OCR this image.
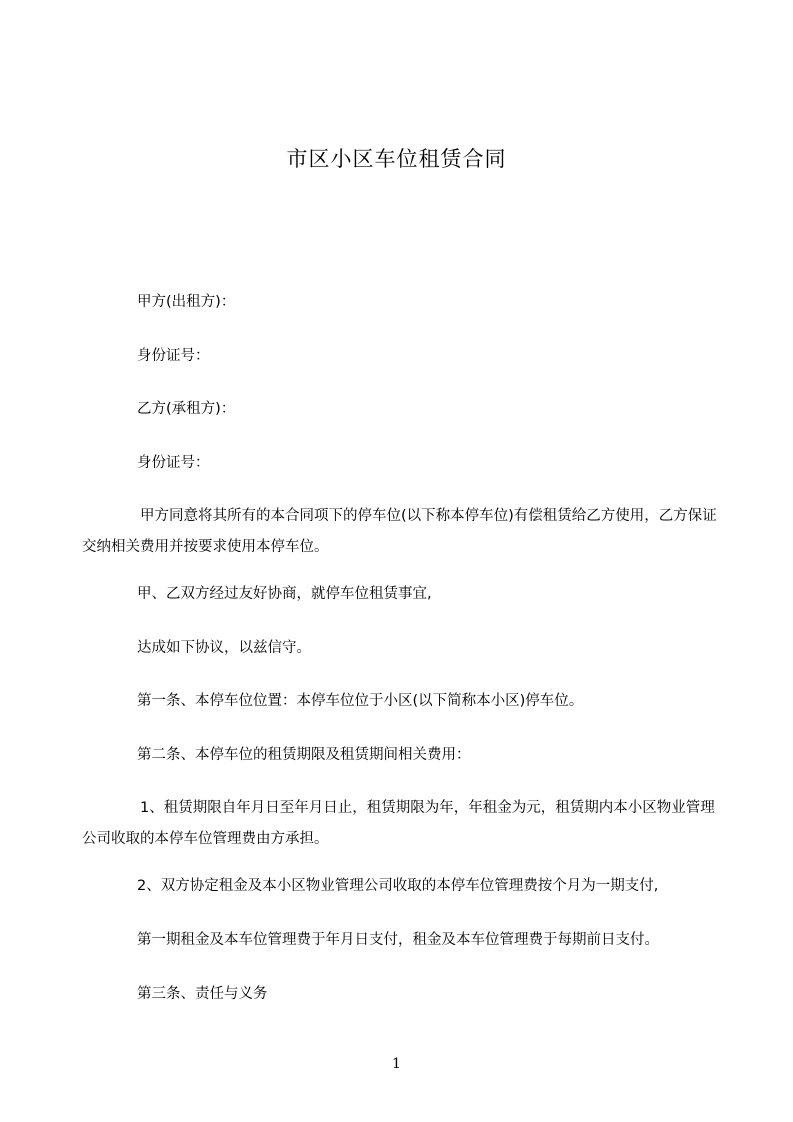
市区小区车位租赁合同
甲方(出租方)：
身份证号：
乙方(承租方)：
身份证号：
甲方同意将其所有的本合同项下的停车位(以下称本停车位)有偿租赁给乙方使用，乙方保证交纳相关费用并按要求使用本停车位。
甲、乙双方经过友好协商，就停车位租赁事宜,
达成如下协议，以兹信守。
第一条、本停车位位置：本停车位位于小区(以下简称本小区)停车位。
第二条、本停车位的租赁期限及租赁期间相关费用：
1、租赁期限自年月日至年月日止，租赁期限为年，年租金为元，租赁期内本小区物业管理公司收取的本停车位管理费由方承担。
2、双方协定租金及本小区物业管理公司收取的本停车位管理费按个月为一期支付,
第一期租金及本车位管理费于年月日支付，租金及本车位管理费于每期前日支付。
第三条、责任与义务
1
